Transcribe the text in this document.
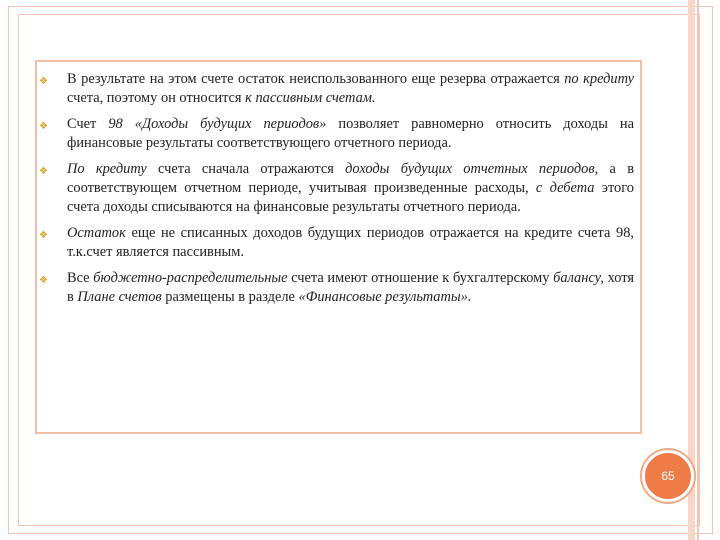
❖ В результате на этом счете остаток неиспользованного еще резерва отражается по кредиту счета, поэтому он относится к пассивным счетам.
❖ Счет 98 «Доходы будущих периодов» позволяет равномерно относить доходы на финансовые результаты соответствующего отчетного периода.
❖ По кредиту счета сначала отражаются доходы будущих отчетных периодов, а в соответствующем отчетном периоде, учитывая произведенные расходы, с дебета этого счета доходы списываются на финансовые результаты отчетного периода.
❖ Остаток еще не списанных доходов будущих периодов отражается на кредите счета 98, т.к.счет является пассивным.
❖ Все бюджетно-распределительные счета имеют отношение к бухгалтерскому балансу, хотя в Плане счетов размещены в разделе «Финансовые результаты».
65
